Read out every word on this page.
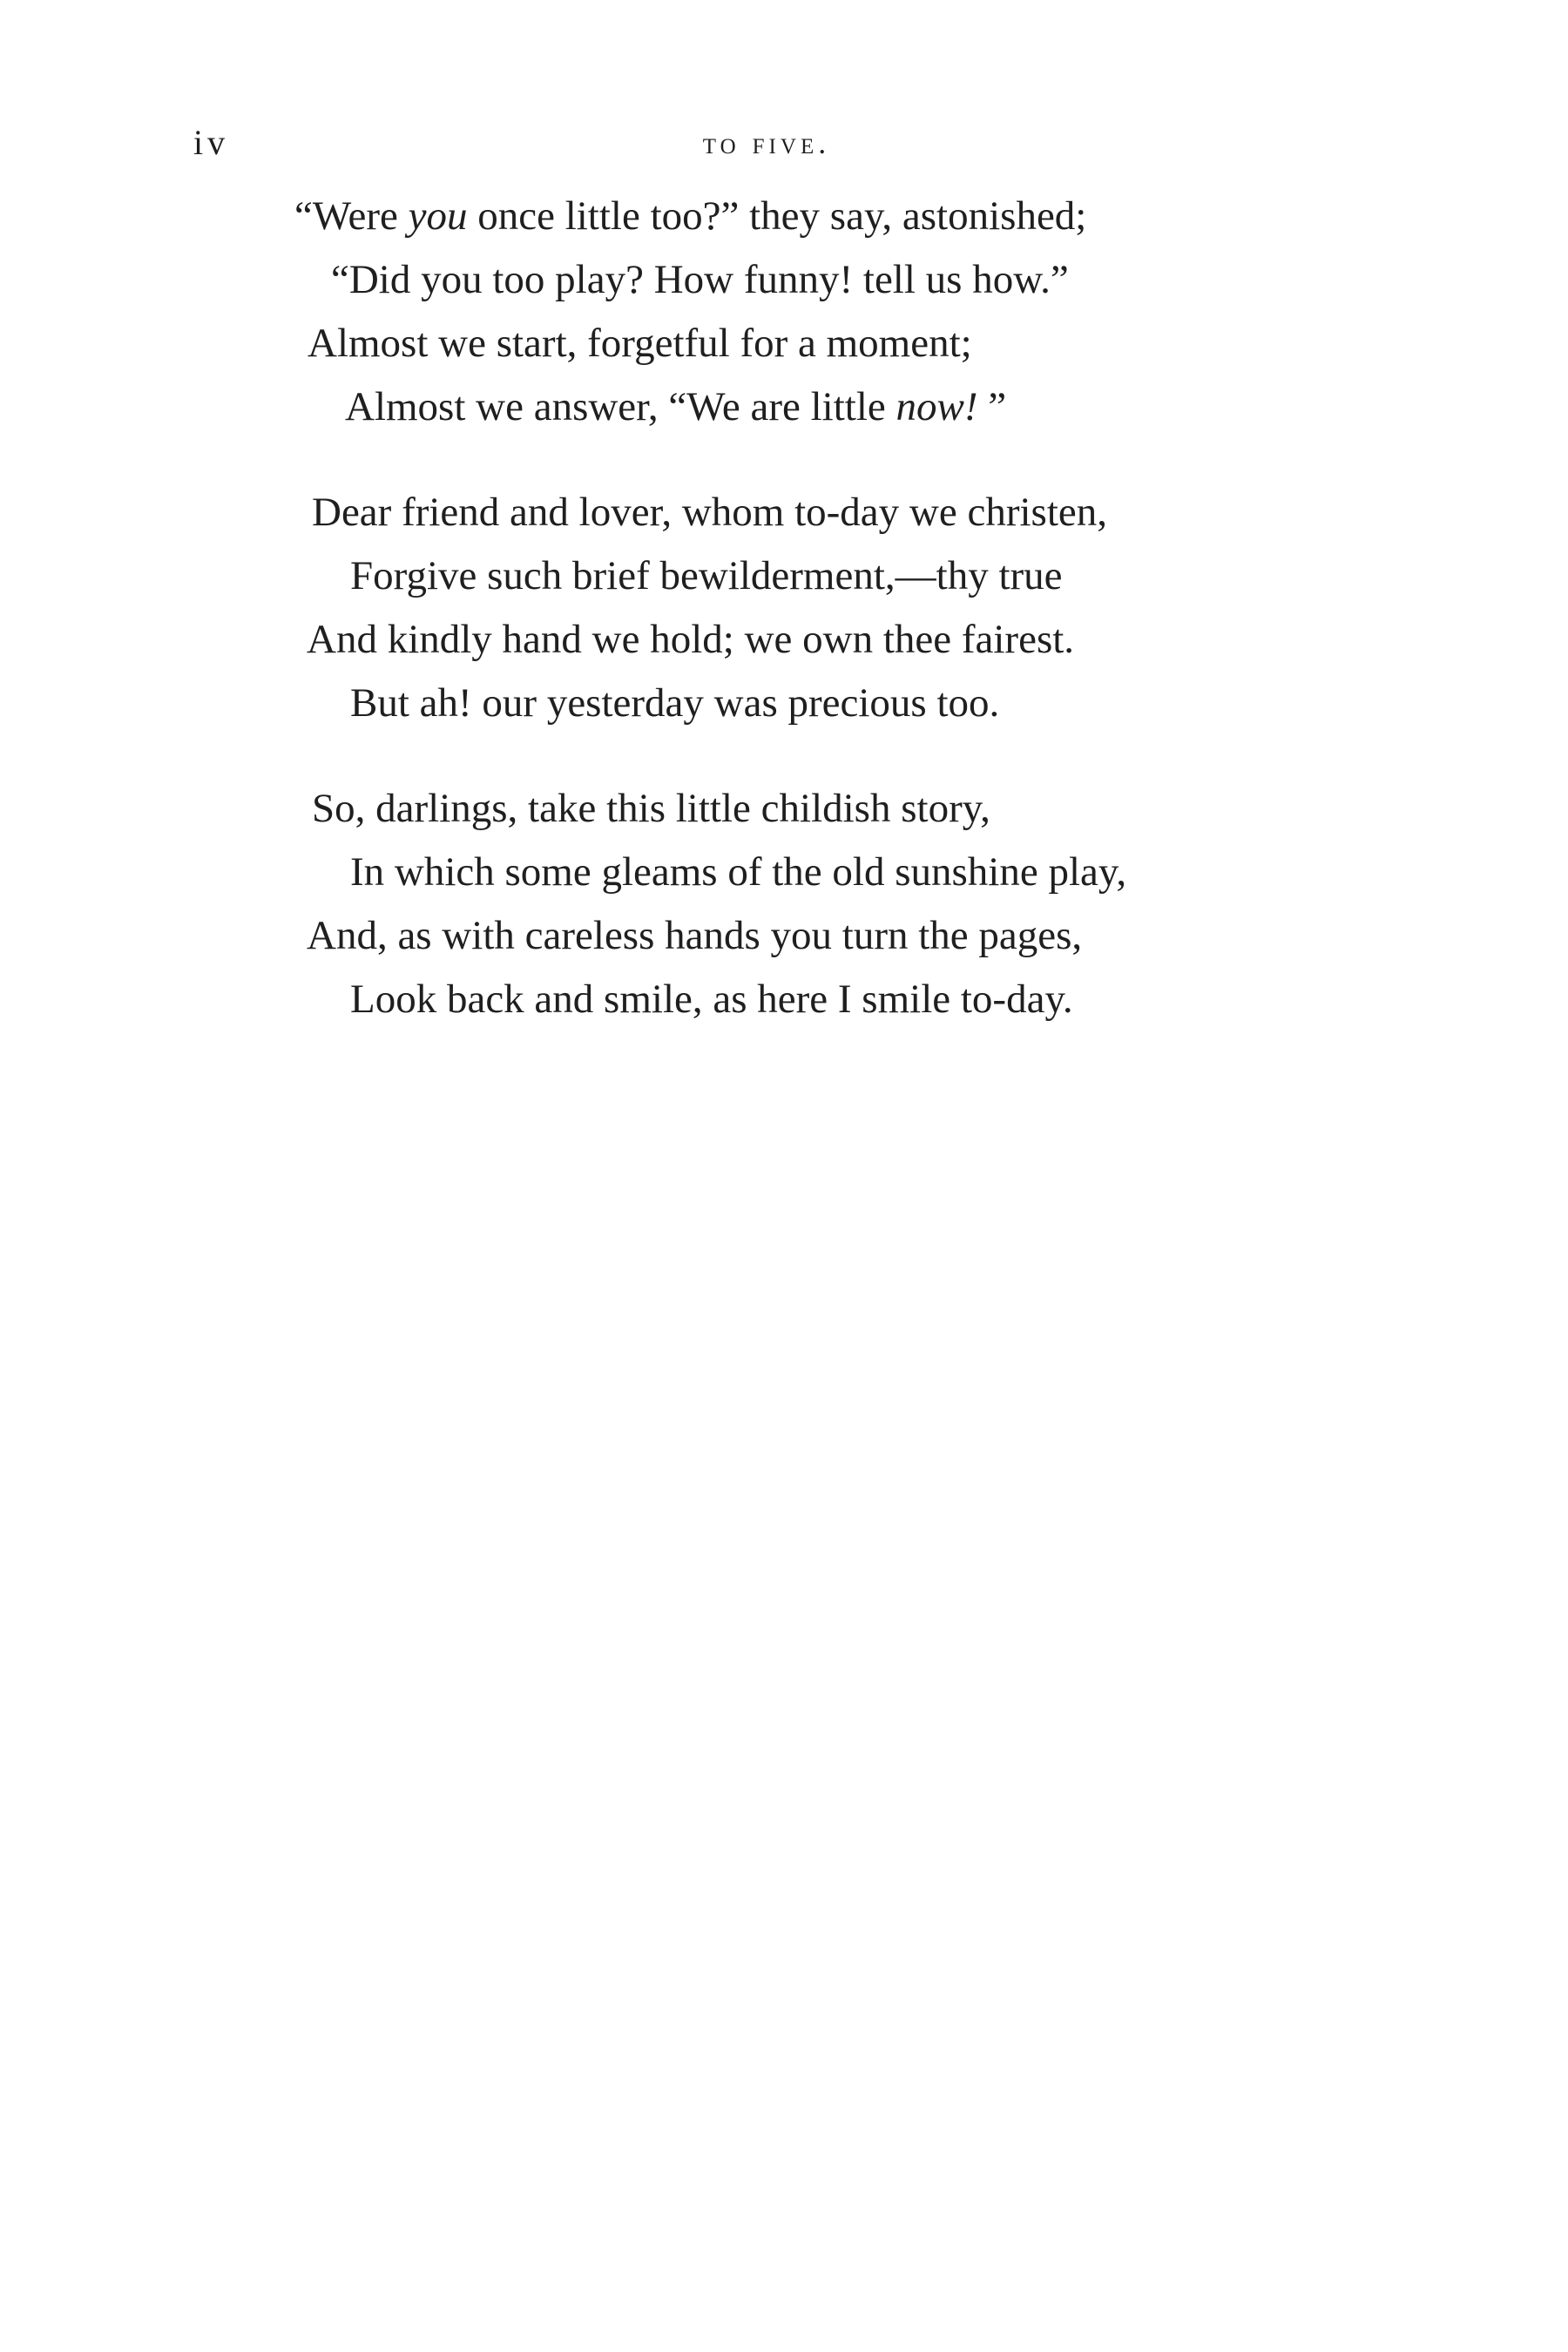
iv	to five.
“Were you once little too?” they say, astonished;
“Did you too play? How funny! tell us how.”
Almost we start, forgetful for a moment;
Almost we answer, “We are little now! ”
Dear friend and lover, whom to-day we christen,
Forgive such brief bewilderment,—thy true
And kindly hand we hold; we own thee fairest.
But ah! our yesterday was precious too.
So, darlings, take this little childish story,
In which some gleams of the old sunshine play,
And, as with careless hands you turn the pages,
Look back and smile, as here I smile to-day.
